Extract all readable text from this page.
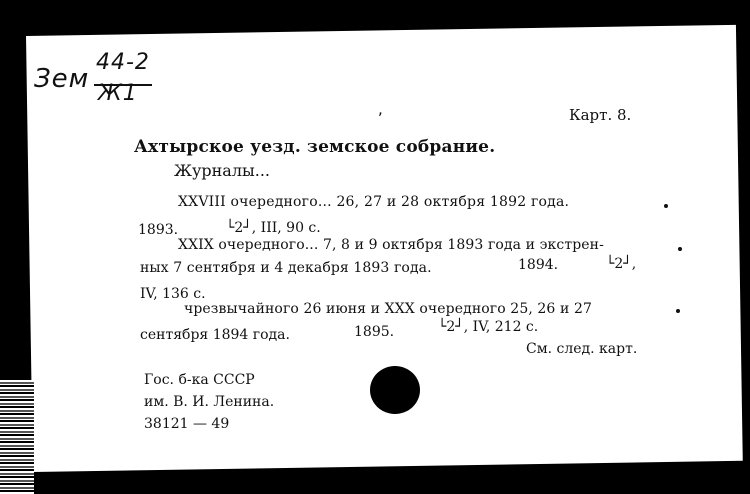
Зем
44-2
Ж1
,	Карт. 8.
Ахтырское уезд. земское собрание.
Журналы...
XXVIII очередного... 26, 27 и 28 октября 1892 года.
1893.	└2┘, III, 90 с.
XXIX очередного... 7, 8 и 9 октября 1893 года и экстрен-
ных 7 сентября и 4 декабря 1893 года.	1894.	└2┘,
IV, 136 с.
чрезвычайного 26 июня и XXX очередного 25, 26 и 27
сентября 1894 года.	1895.	└2┘, IV, 212 с.
См. след. карт.
Гос. б-ка СССР
им. В. И. Ленина.
38121 — 49
